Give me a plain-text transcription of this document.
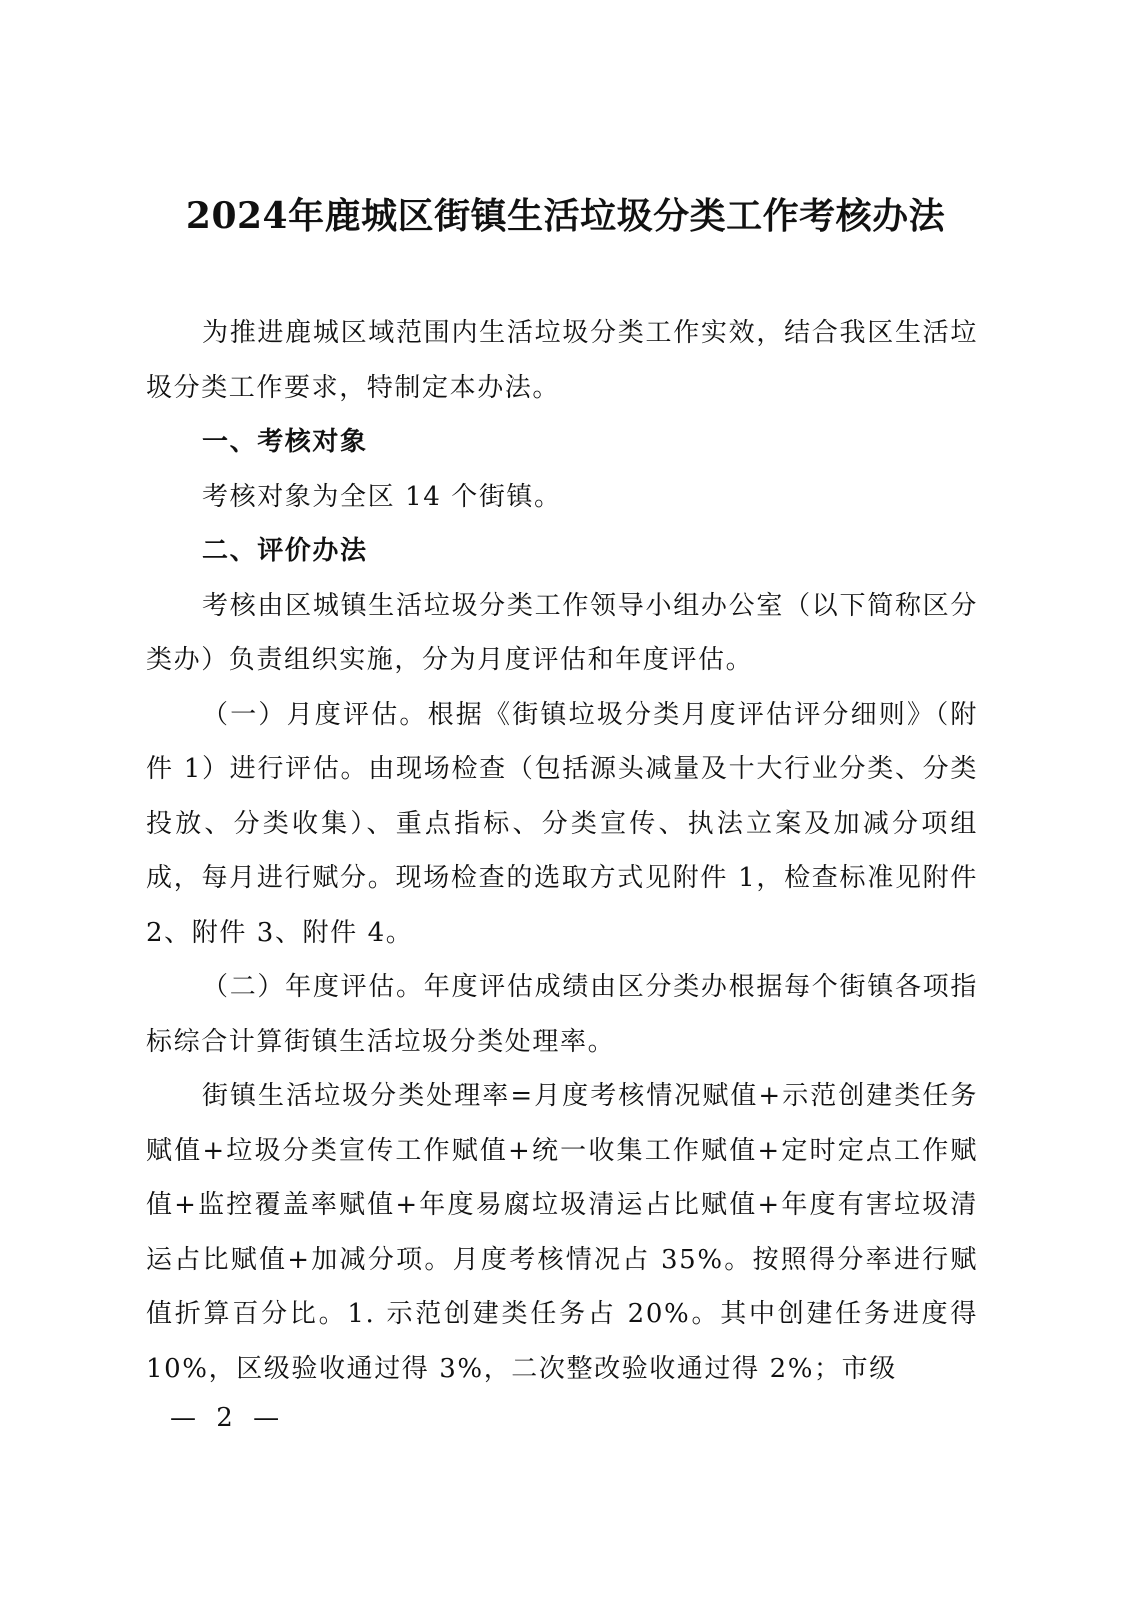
2024年鹿城区街镇生活垃圾分类工作考核办法

为推进鹿城区域范围内生活垃圾分类工作实效，结合我区生活垃圾分类工作要求，特制定本办法。

一、考核对象

考核对象为全区 14 个街镇。

二、评价办法

考核由区城镇生活垃圾分类工作领导小组办公室（以下简称区分类办）负责组织实施，分为月度评估和年度评估。

（一）月度评估。根据《街镇垃圾分类月度评估评分细则》（附件 1）进行评估。由现场检查（包括源头减量及十大行业分类、分类投放、分类收集）、重点指标、分类宣传、执法立案及加减分项组成，每月进行赋分。现场检查的选取方式见附件 1，检查标准见附件 2、附件 3、附件 4。

（二）年度评估。年度评估成绩由区分类办根据每个街镇各项指标综合计算街镇生活垃圾分类处理率。

街镇生活垃圾分类处理率=月度考核情况赋值+示范创建类任务赋值+垃圾分类宣传工作赋值+统一收集工作赋值+定时定点工作赋值+监控覆盖率赋值+年度易腐垃圾清运占比赋值+年度有害垃圾清运占比赋值+加减分项。月度考核情况占 35%。按照得分率进行赋值折算百分比。1. 示范创建类任务占 20%。其中创建任务进度得 10%，区级验收通过得 3%，二次整改验收通过得 2%；市级

— 2 —
